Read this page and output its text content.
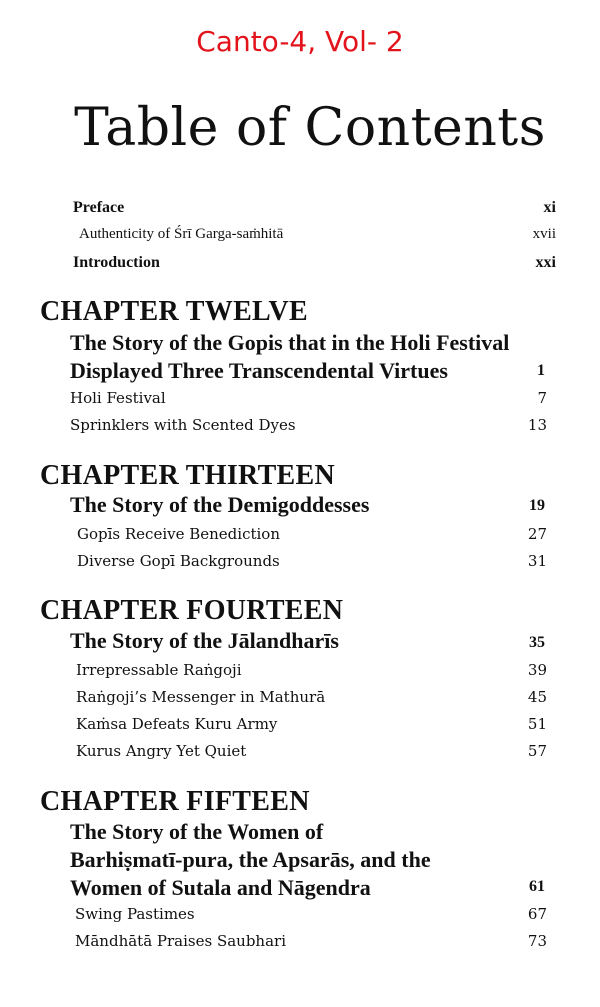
Canto-4, Vol- 2
Table of Contents
Preface	xi
Authenticity of Śrī Garga-saṁhitā	xvii
Introduction	xxi
CHAPTER TWELVE
The Story of the Gopis that in the Holi Festival
Displayed Three Transcendental Virtues	1
Holi Festival	7
Sprinklers with Scented Dyes	13
CHAPTER THIRTEEN
The Story of the Demigoddesses	19
Gopīs Receive Benediction	27
Diverse Gopī Backgrounds	31
CHAPTER FOURTEEN
The Story of the Jālandharīs	35
Irrepressable Raṅgoji	39
Raṅgoji’s Messenger in Mathurā	45
Kaṁsa Defeats Kuru Army	51
Kurus Angry Yet Quiet	57
CHAPTER FIFTEEN
The Story of the Women of
Barhiṣmatī-pura, the Apsarās, and the
Women of Sutala and Nāgendra	61
Swing Pastimes	67
Māndhātā Praises Saubhari	73
